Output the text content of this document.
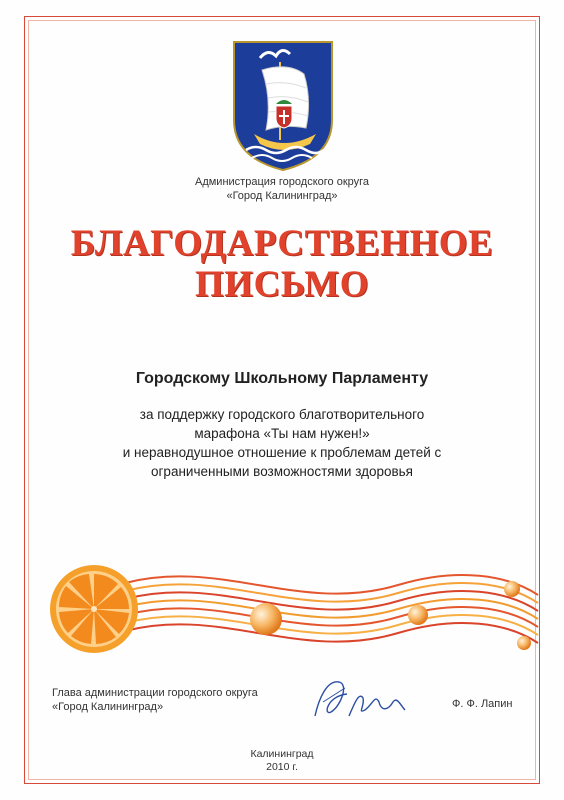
Администрация городского округа
«Город Калининград»
БЛАГОДАРСТВЕННОЕ
ПИСЬМО
Городскому Школьному Парламенту
за поддержку городского благотворительного
марафона «Ты нам нужен!»
и неравнодушное отношение к проблемам детей с
ограниченными возможностями здоровья
Глава администрации городского округа
«Город Калининград»	Ф. Ф. Лапин
Калининград
2010 г.
